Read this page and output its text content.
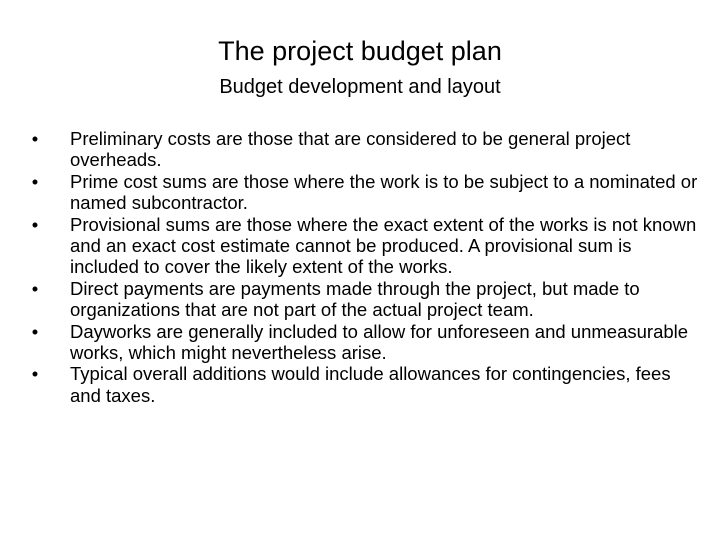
The project budget plan
Budget development and layout
• Preliminary costs are those that are considered to be general project overheads.
• Prime cost sums are those where the work is to be subject to a nominated or named subcontractor.
• Provisional sums are those where the exact extent of the works is not known and an exact cost estimate cannot be produced. A provisional sum is included to cover the likely extent of the works.
• Direct payments are payments made through the project, but made to organizations that are not part of the actual project team.
• Dayworks are generally included to allow for unforeseen and unmeasurable works, which might nevertheless arise.
• Typical overall additions would include allowances for contingencies, fees and taxes.
